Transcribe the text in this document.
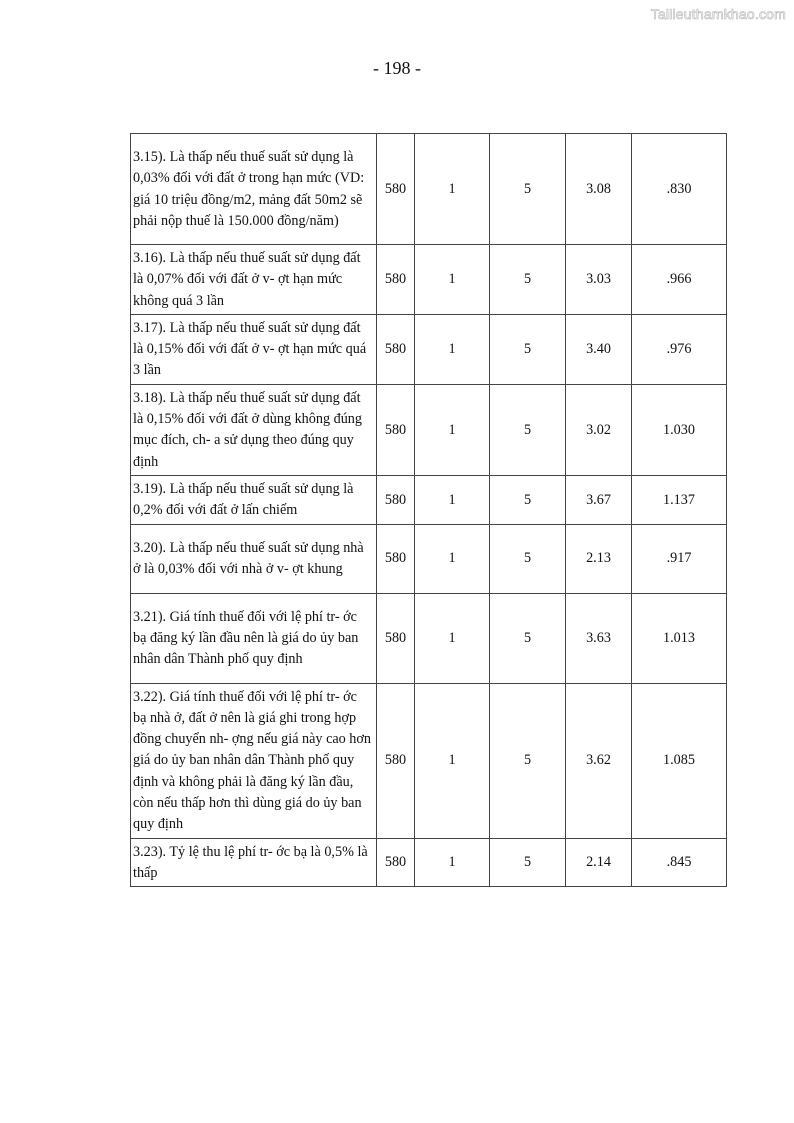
Tailieuthamkhao.com
- 198 -
3.15). Là thấp nếu thuế suất sử dụng là 0,03% đối với đất ở trong hạn mức (VD: giá 10 triệu đồng/m2, mảng đất 50m2 sẽ phải nộp thuế là 150.000 đồng/năm)	580	1	5	3.08	.830
3.16). Là thấp nếu thuế suất sử dụng đất là 0,07% đối với đất ở v- ợt hạn mức không quá 3 lần	580	1	5	3.03	.966
3.17). Là thấp nếu thuế suất sử dụng đất là 0,15% đối với đất ở v- ợt hạn mức quá 3 lần	580	1	5	3.40	.976
3.18). Là thấp nếu thuế suất sử dụng đất là 0,15% đối với đất ở dùng không đúng mục đích, ch- a sử dụng theo đúng quy định	580	1	5	3.02	1.030
3.19). Là thấp nếu thuế suất sử dụng là 0,2% đối với đất ở lấn chiếm	580	1	5	3.67	1.137
3.20). Là thấp nếu thuế suất sử dụng nhà ở là 0,03% đối với nhà ở v- ợt khung	580	1	5	2.13	.917
3.21). Giá tính thuế đối với lệ phí tr- ớc bạ đăng ký lần đầu nên là giá do ủy ban nhân dân Thành phố quy định	580	1	5	3.63	1.013
3.22). Giá tính thuế đối với lệ phí tr- ớc bạ nhà ở, đất ở nên là giá ghi trong hợp đồng chuyển nh- ợng nếu giá này cao hơn giá do ủy ban nhân dân Thành phố quy định và không phải là đăng ký lần đầu, còn nếu thấp hơn thì dùng giá do ủy ban quy định	580	1	5	3.62	1.085
3.23). Tỷ lệ thu lệ phí tr- ớc bạ là 0,5% là thấp	580	1	5	2.14	.845
